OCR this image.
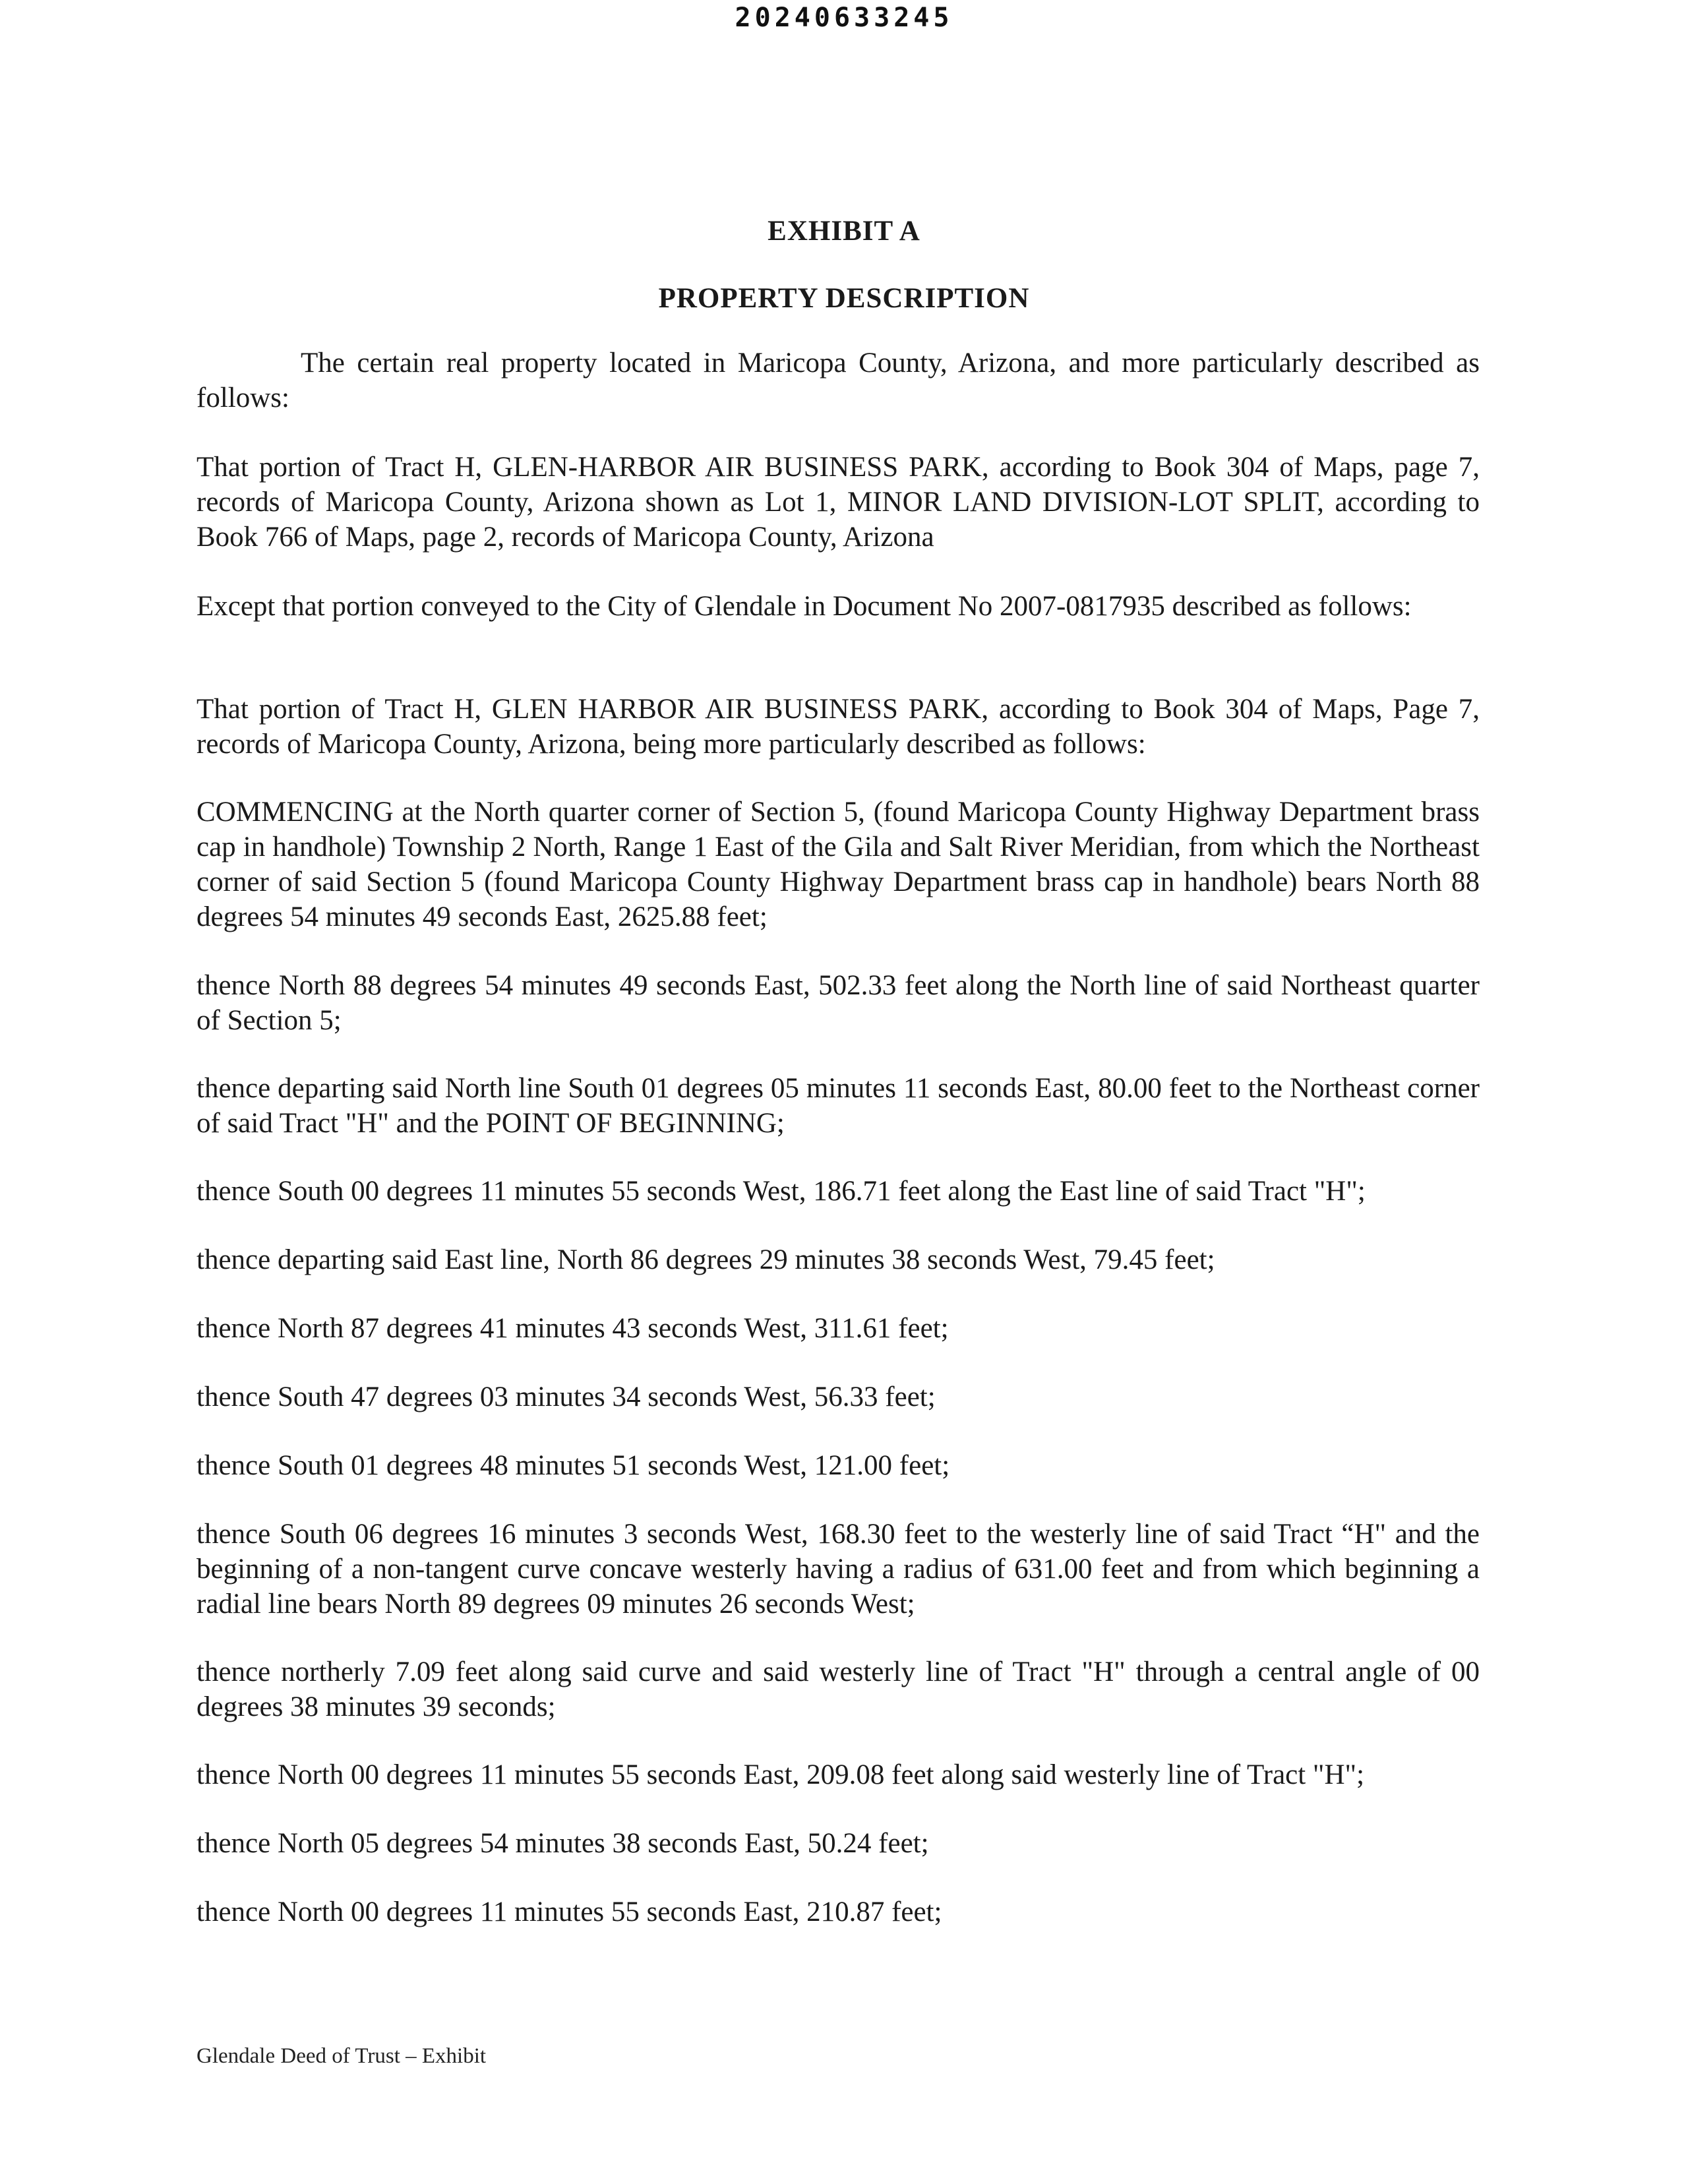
20240633245
EXHIBIT A
PROPERTY DESCRIPTION

The certain real property located in Maricopa County, Arizona, and more particularly described as follows:

That portion of Tract H, GLEN-HARBOR AIR BUSINESS PARK, according to Book 304 of Maps, page 7, records of Maricopa County, Arizona shown as Lot 1, MINOR LAND DIVISION-LOT SPLIT, according to Book 766 of Maps, page 2, records of Maricopa County, Arizona

Except that portion conveyed to the City of Glendale in Document No 2007-0817935 described as follows:

That portion of Tract H, GLEN HARBOR AIR BUSINESS PARK, according to Book 304 of Maps, Page 7, records of Maricopa County, Arizona, being more particularly described as follows:

COMMENCING at the North quarter corner of Section 5, (found Maricopa County Highway Department brass cap in handhole) Township 2 North, Range 1 East of the Gila and Salt River Meridian, from which the Northeast corner of said Section 5 (found Maricopa County Highway Department brass cap in handhole) bears North 88 degrees 54 minutes 49 seconds East, 2625.88 feet;

thence North 88 degrees 54 minutes 49 seconds East, 502.33 feet along the North line of said Northeast quarter of Section 5;

thence departing said North line South 01 degrees 05 minutes 11 seconds East, 80.00 feet to the Northeast corner of said Tract "H" and the POINT OF BEGINNING;

thence South 00 degrees 11 minutes 55 seconds West, 186.71 feet along the East line of said Tract "H";

thence departing said East line, North 86 degrees 29 minutes 38 seconds West, 79.45 feet;

thence North 87 degrees 41 minutes 43 seconds West, 311.61 feet;

thence South 47 degrees 03 minutes 34 seconds West, 56.33 feet;

thence South 01 degrees 48 minutes 51 seconds West, 121.00 feet;

thence South 06 degrees 16 minutes 3 seconds West, 168.30 feet to the westerly line of said Tract “H" and the beginning of a non-tangent curve concave westerly having a radius of 631.00 feet and from which beginning a radial line bears North 89 degrees 09 minutes 26 seconds West;

thence northerly 7.09 feet along said curve and said westerly line of Tract "H" through a central angle of 00 degrees 38 minutes 39 seconds;

thence North 00 degrees 11 minutes 55 seconds East, 209.08 feet along said westerly line of Tract "H";

thence North 05 degrees 54 minutes 38 seconds East, 50.24 feet;

thence North 00 degrees 11 minutes 55 seconds East, 210.87 feet;

Glendale Deed of Trust – Exhibit
